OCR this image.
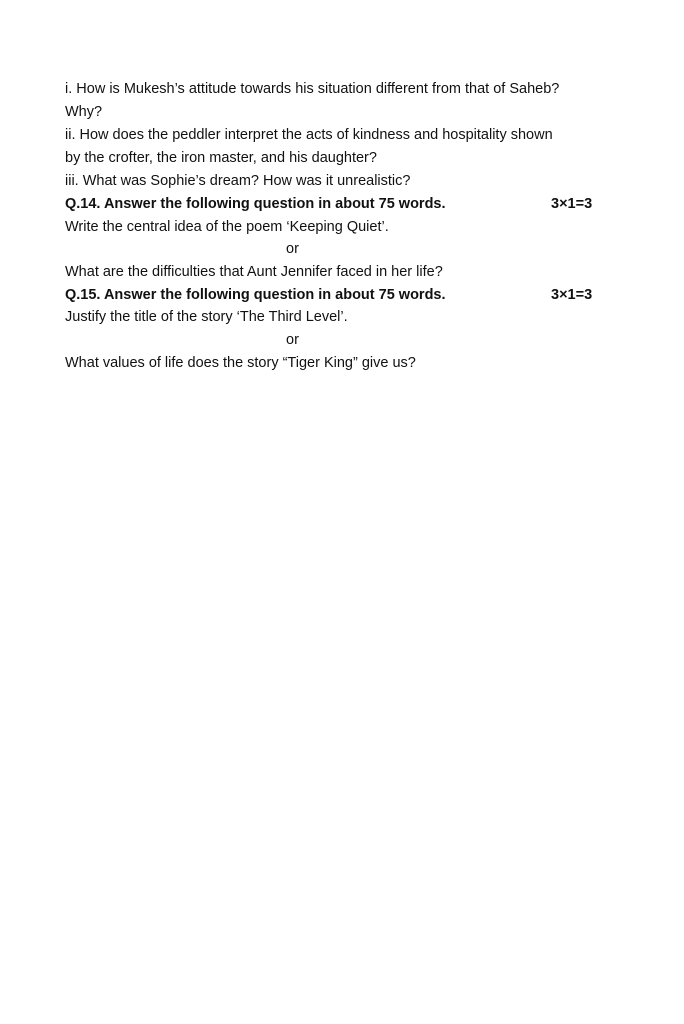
i. How is Mukesh’s attitude towards his situation different from that of Saheb?
Why?
ii. How does the peddler interpret the acts of kindness and hospitality shown
by the crofter, the iron master, and his daughter?
iii. What was Sophie’s dream? How was it unrealistic?
Q.14. Answer the following question in about 75 words.	3×1=3
Write the central idea of the poem ‘Keeping Quiet’.
or
What are the difficulties that Aunt Jennifer faced in her life?
Q.15. Answer the following question in about 75 words.	3×1=3
Justify the title of the story ‘The Third Level’.
or
What values of life does the story “Tiger King” give us?
